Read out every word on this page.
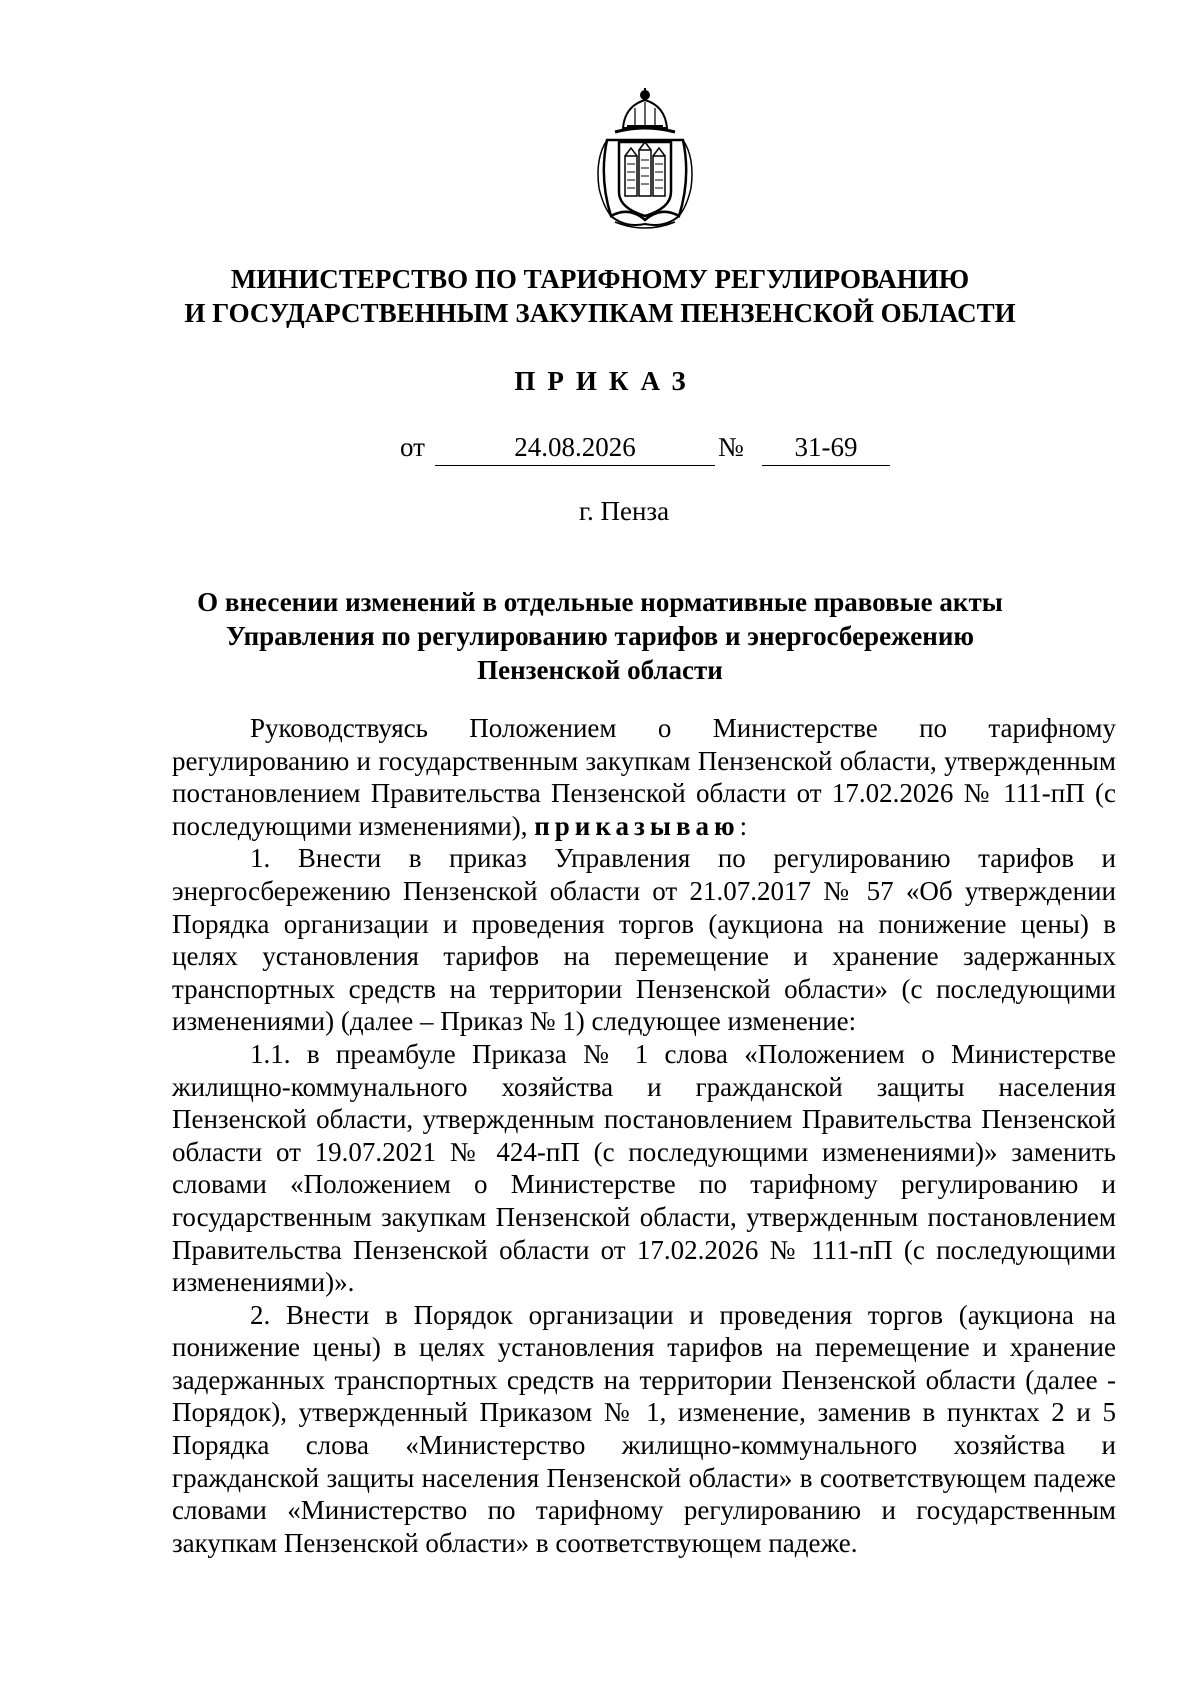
МИНИСТЕРСТВО ПО ТАРИФНОМУ РЕГУЛИРОВАНИЮ
И ГОСУДАРСТВЕННЫМ ЗАКУПКАМ ПЕНЗЕНСКОЙ ОБЛАСТИ
ПРИКАЗ
от	24.08.2026	№	31-69
г. Пенза
О внесении изменений в отдельные нормативные правовые акты
Управления по регулированию тарифов и энергосбережению
Пензенской области

Руководствуясь Положением о Министерстве по тарифному регулированию и государственным закупкам Пензенской области, утвержденным постановлением Правительства Пензенской области от 17.02.2026 № 111-пП (с последующими изменениями), приказываю:

1. Внести в приказ Управления по регулированию тарифов и энергосбережению Пензенской области от 21.07.2017 № 57 «Об утверждении Порядка организации и проведения торгов (аукциона на понижение цены) в целях установления тарифов на перемещение и хранение задержанных транспортных средств на территории Пензенской области» (с последующими изменениями) (далее – Приказ № 1) следующее изменение:

1.1. в преамбуле Приказа № 1 слова «Положением о Министерстве жилищно-коммунального хозяйства и гражданской защиты населения Пензенской области, утвержденным постановлением Правительства Пензенской области от 19.07.2021 № 424-пП (с последующими изменениями)» заменить словами «Положением о Министерстве по тарифному регулированию и государственным закупкам Пензенской области, утвержденным постановлением Правительства Пензенской области от 17.02.2026 № 111-пП (с последующими изменениями)».

2. Внести в Порядок организации и проведения торгов (аукциона на понижение цены) в целях установления тарифов на перемещение и хранение задержанных транспортных средств на территории Пензенской области (далее - Порядок), утвержденный Приказом № 1, изменение, заменив в пунктах 2 и 5 Порядка слова «Министерство жилищно-коммунального хозяйства и гражданской защиты населения Пензенской области» в соответствующем падеже словами «Министерство по тарифному регулированию и государственным закупкам Пензенской области» в соответствующем падеже.
